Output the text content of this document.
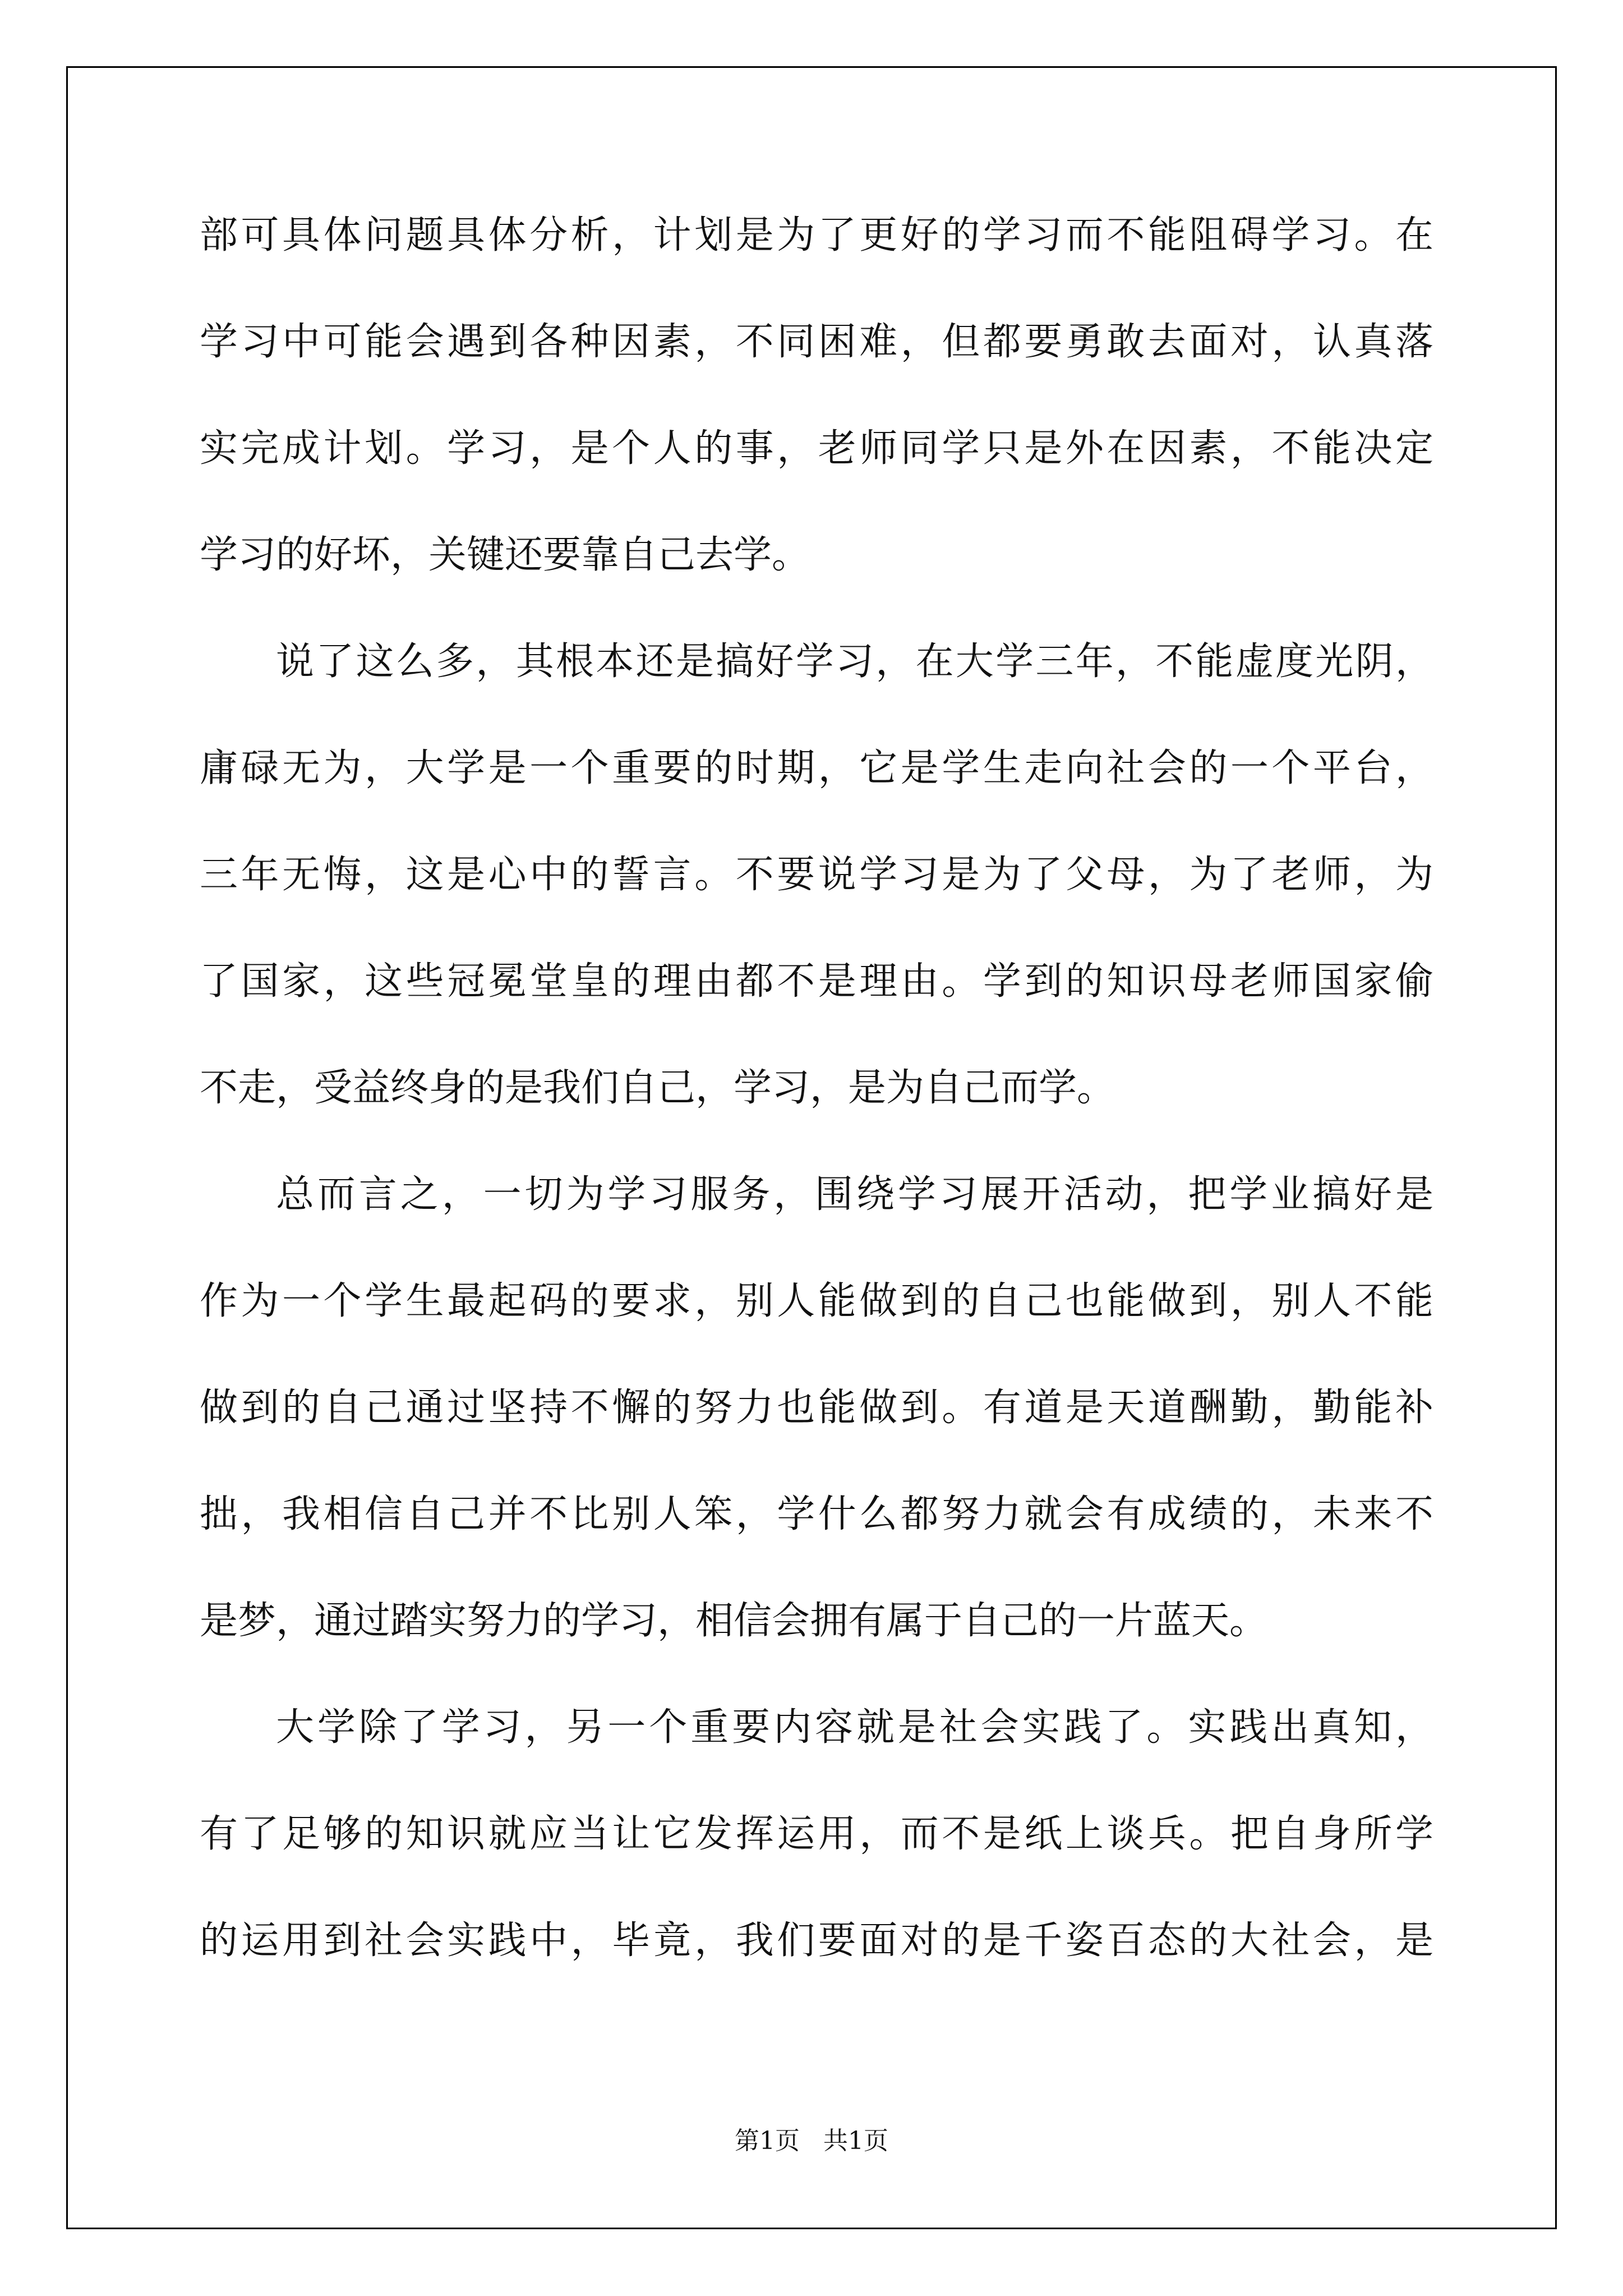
部可具体问题具体分析，计划是为了更好的学习而不能阻碍学习。在
学习中可能会遇到各种因素，不同困难，但都要勇敢去面对，认真落
实完成计划。学习，是个人的事，老师同学只是外在因素，不能决定
学习的好坏，关键还要靠自己去学。
说了这么多，其根本还是搞好学习，在大学三年，不能虚度光阴，
庸碌无为，大学是一个重要的时期，它是学生走向社会的一个平台，
三年无悔，这是心中的誓言。不要说学习是为了父母，为了老师，为
了国家，这些冠冕堂皇的理由都不是理由。学到的知识母老师国家偷
不走，受益终身的是我们自己，学习，是为自己而学。
总而言之，一切为学习服务，围绕学习展开活动，把学业搞好是
作为一个学生最起码的要求，别人能做到的自己也能做到，别人不能
做到的自己通过坚持不懈的努力也能做到。有道是天道酬勤，勤能补
拙，我相信自己并不比别人笨，学什么都努力就会有成绩的，未来不
是梦，通过踏实努力的学习，相信会拥有属于自己的一片蓝天。
大学除了学习，另一个重要内容就是社会实践了。实践出真知，
有了足够的知识就应当让它发挥运用，而不是纸上谈兵。把自身所学
的运用到社会实践中，毕竟，我们要面对的是千姿百态的大社会，是
第1页   共1页
